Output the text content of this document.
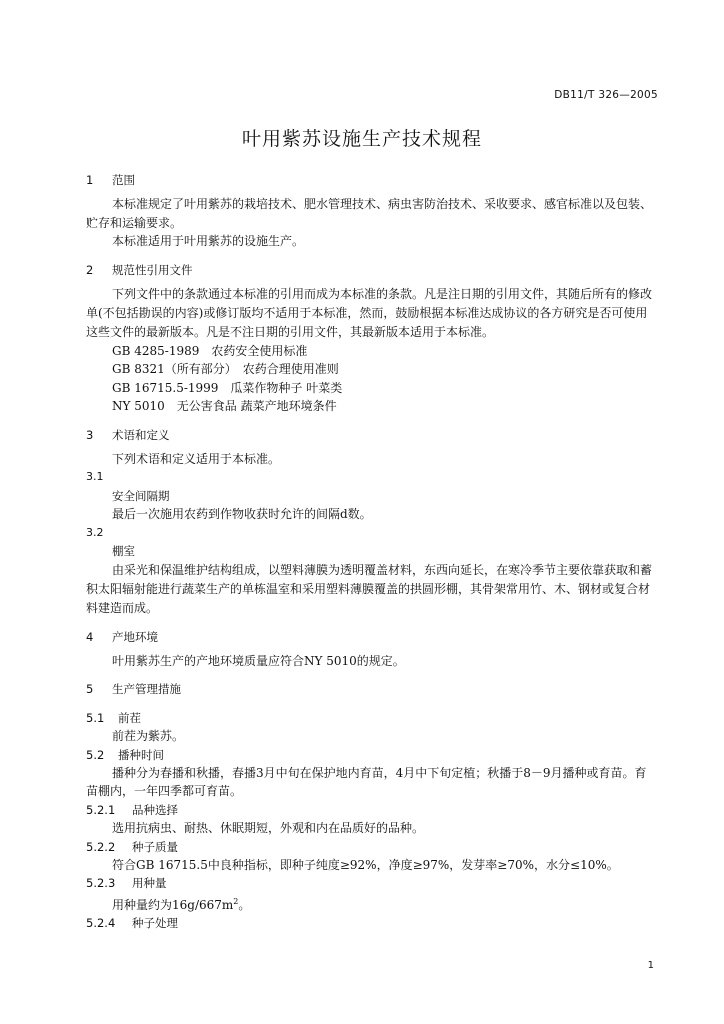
DB11/T 326—2005
叶用紫苏设施生产技术规程

1 范围

本标准规定了叶用紫苏的栽培技术、肥水管理技术、病虫害防治技术、采收要求、感官标准以及包装、贮存和运输要求。

本标准适用于叶用紫苏的设施生产。

2 规范性引用文件

下列文件中的条款通过本标准的引用而成为本标准的条款。凡是注日期的引用文件，其随后所有的修改单(不包括勘误的内容)或修订版均不适用于本标准，然而，鼓励根据本标准达成协议的各方研究是否可使用这些文件的最新版本。凡是不注日期的引用文件，其最新版本适用于本标准。

GB 4285-1989　农药安全使用标准

GB 8321（所有部分）　农药合理使用准则

GB 16715.5-1999　瓜菜作物种子 叶菜类

NY 5010　无公害食品 蔬菜产地环境条件

3 术语和定义

下列术语和定义适用于本标准。

3.1

安全间隔期

最后一次施用农药到作物收获时允许的间隔d数。

3.2

棚室

由采光和保温维护结构组成，以塑料薄膜为透明覆盖材料，东西向延长，在寒冷季节主要依靠获取和蓄积太阳辐射能进行蔬菜生产的单栋温室和采用塑料薄膜覆盖的拱圆形棚，其骨架常用竹、木、钢材或复合材料建造而成。

4 产地环境

叶用紫苏生产的产地环境质量应符合NY 5010的规定。

5 生产管理措施

5.1 前茬

前茬为紫苏。

5.2 播种时间

播种分为春播和秋播，春播3月中旬在保护地内育苗，4月中下旬定植；秋播于8－9月播种或育苗。育苗棚内，一年四季都可育苗。

5.2.1 品种选择

选用抗病虫、耐热、休眠期短，外观和内在品质好的品种。

5.2.2 种子质量

符合GB 16715.5中良种指标，即种子纯度≥92%，净度≥97%，发芽率≥70%，水分≤10%。

5.2.3 用种量

用种量约为$16g/667m^2$。

5.2.4 种子处理

1
